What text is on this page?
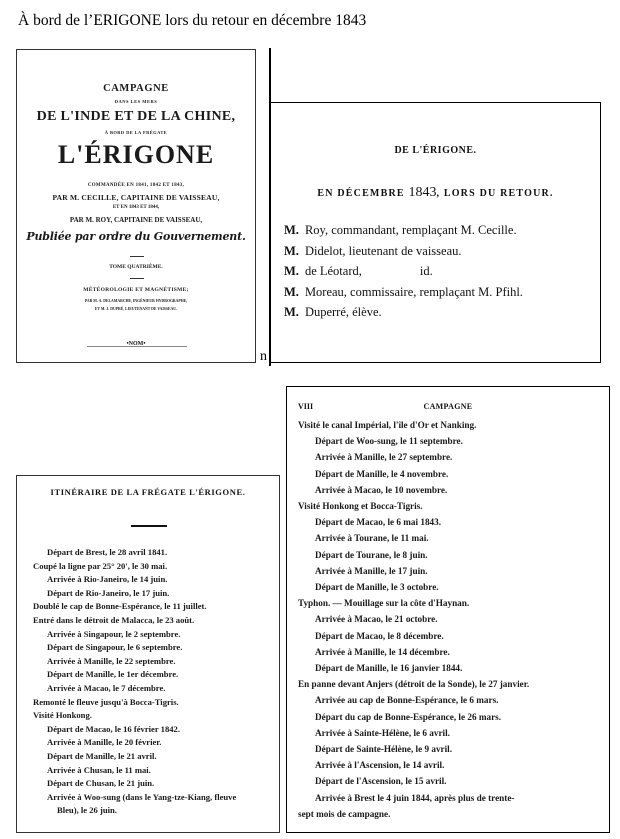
À bord de l’ERIGONE lors du retour en décembre 1843
CAMPAGNE
DANS LES MERS
DE L'INDE ET DE LA CHINE,
À BORD DE LA FRÉGATE
L'ÉRIGONE
COMMANDÉE EN 1841, 1842 ET 1843,
PAR M. CECILLE, CAPITAINE DE VAISSEAU,
ET EN 1843 ET 1844,
PAR M. ROY, CAPITAINE DE VAISSEAU,
Publiée par ordre du Gouvernement.
TOME QUATRIÈME.
MÉTÉOROLOGIE ET MAGNÉTISME;
PAR M. A. DELAMARCHE, INGÉNIEUR HYDROGRAPHE,
ET M. J. DUPRÉ, LIEUTENANT DE VAISSEAU.
•NOM•
n
DE L'ÉRIGONE.
EN DÉCEMBRE 1843, LORS DU RETOUR.
M. Roy, commandant, remplaçant M. Cecille.
M. Didelot, lieutenant de vaisseau.
M. de Léotard,	id.
M. Moreau, commissaire, remplaçant M. Pfihl.
M. Duperré, élève.
ITINÉRAIRE DE LA FRÉGATE L'ÉRIGONE.
Départ de Brest, le 28 avril 1841.
Coupé la ligne par 25° 20', le 30 mai.
Arrivée à Rio-Janeiro, le 14 juin.
Départ de Rio-Janeiro, le 17 juin.
Doublé le cap de Bonne-Espérance, le 11 juillet.
Entré dans le détroit de Malacca, le 23 août.
Arrivée à Singapour, le 2 septembre.
Départ de Singapour, le 6 septembre.
Arrivée à Manille, le 22 septembre.
Départ de Manille, le 1er décembre.
Arrivée à Macao, le 7 décembre.
Remonté le fleuve jusqu'à Bocca-Tigris.
Visité Honkong.
Départ de Macao, le 16 février 1842.
Arrivée à Manille, le 20 février.
Départ de Manille, le 21 avril.
Arrivée à Chusan, le 11 mai.
Départ de Chusan, le 21 juin.
Arrivée à Woo-sung (dans le Yang-tze-Kiang, fleuve
Bleu), le 26 juin.
VIII	CAMPAGNE
Visité le canal Impérial, l'île d'Or et Nanking.
Départ de Woo-sung, le 11 septembre.
Arrivée à Manille, le 27 septembre.
Départ de Manille, le 4 novembre.
Arrivée à Macao, le 10 novembre.
Visité Honkong et Bocca-Tigris.
Départ de Macao, le 6 mai 1843.
Arrivée à Tourane, le 11 mai.
Départ de Tourane, le 8 juin.
Arrivée à Manille, le 17 juin.
Départ de Manille, le 3 octobre.
Typhon. — Mouillage sur la côte d'Haynan.
Arrivée à Macao, le 21 octobre.
Départ de Macao, le 8 décembre.
Arrivée à Manille, le 14 décembre.
Départ de Manille, le 16 janvier 1844.
En panne devant Anjers (détroit de la Sonde), le 27 janvier.
Arrivée au cap de Bonne-Espérance, le 6 mars.
Départ du cap de Bonne-Espérance, le 26 mars.
Arrivée à Sainte-Hélène, le 6 avril.
Départ de Sainte-Hélène, le 9 avril.
Arrivée à l'Ascension, le 14 avril.
Départ de l'Ascension, le 15 avril.
Arrivée à Brest le 4 juin 1844, après plus de trente-
sept mois de campagne.
